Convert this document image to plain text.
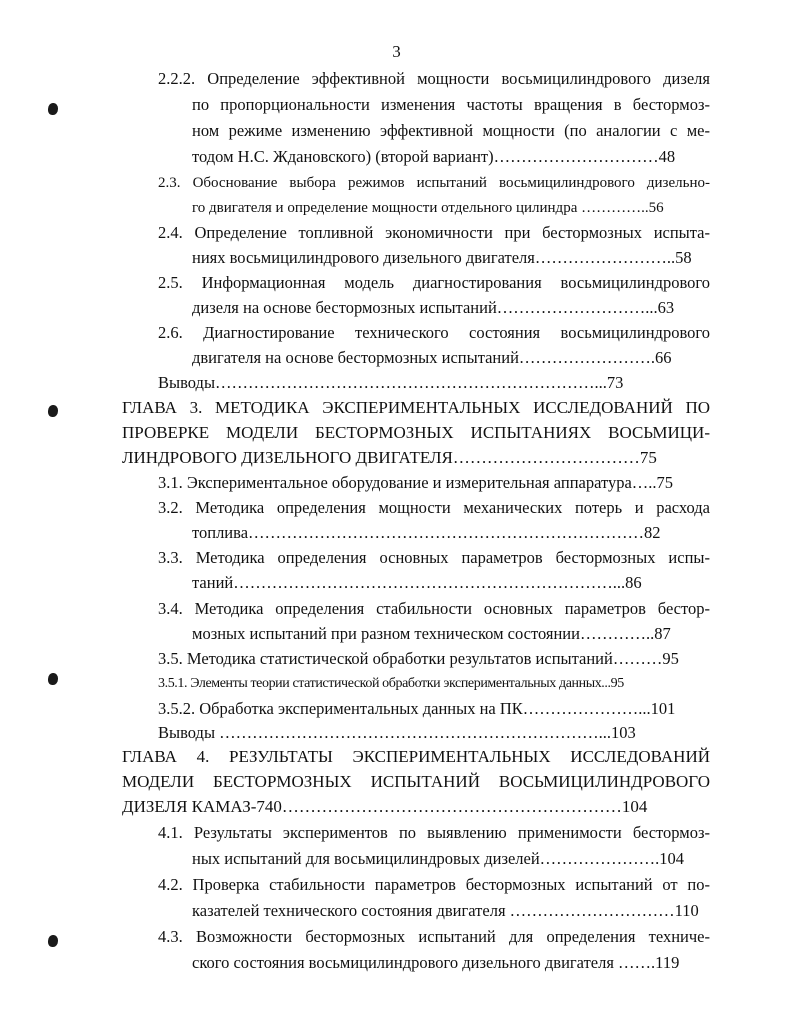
3
2.2.2. Определение эффективной мощности восьмицилиндрового дизеля
по пропорциональности изменения частоты вращения в бестормоз-
ном режиме изменению эффективной мощности (по аналогии с ме-
тодом Н.С. Ждановского) (второй вариант)…………………………48
2.3. Обоснование выбора режимов испытаний восьмицилиндрового дизельно-
го двигателя и определение мощности отдельного цилиндра …………..56
2.4. Определение топливной экономичности при бестормозных испыта-
ниях восьмицилиндрового дизельного двигателя……………………..58
2.5. Информационная модель диагностирования восьмицилиндрового
дизеля на основе бестормозных испытаний………………………...63
2.6. Диагностирование технического состояния восьмицилиндрового
двигателя на основе бестормозных испытаний…………………….66
Выводы……………………………………………………………...73
ГЛАВА 3. МЕТОДИКА ЭКСПЕРИМЕНТАЛЬНЫХ ИССЛЕДОВАНИЙ ПО
ПРОВЕРКЕ МОДЕЛИ БЕСТОРМОЗНЫХ ИСПЫТАНИЯХ ВОСЬМИЦИ-
ЛИНДРОВОГО ДИЗЕЛЬНОГО ДВИГАТЕЛЯ……………………………75
3.1. Экспериментальное оборудование и измерительная аппаратура…..75
3.2. Методика определения мощности механических потерь и расхода
топлива………………………………………………………………82
3.3. Методика определения основных параметров бестормозных испы-
таний……………………………………………………………...86
3.4. Методика определения стабильности основных параметров бестор-
мозных испытаний при разном техническом состоянии…………..87
3.5. Методика статистической обработки результатов испытаний………95
3.5.1. Элементы теории статистической обработки экспериментальных данных...95
3.5.2. Обработка экспериментальных данных на ПК…………………...101
Выводы ……………………………………………………………...103
ГЛАВА 4. РЕЗУЛЬТАТЫ ЭКСПЕРИМЕНТАЛЬНЫХ ИССЛЕДОВАНИЙ
МОДЕЛИ БЕСТОРМОЗНЫХ ИСПЫТАНИЙ ВОСЬМИЦИЛИНДРОВОГО
ДИЗЕЛЯ КАМАЗ-740……………………………………………………104
4.1. Результаты экспериментов по выявлению применимости бестормоз-
ных испытаний для восьмицилиндровых дизелей………………….104
4.2. Проверка стабильности параметров бестормозных испытаний от по-
казателей технического состояния двигателя …………………………110
4.3. Возможности бестормозных испытаний для определения техниче-
ского состояния восьмицилиндрового дизельного двигателя …….119
